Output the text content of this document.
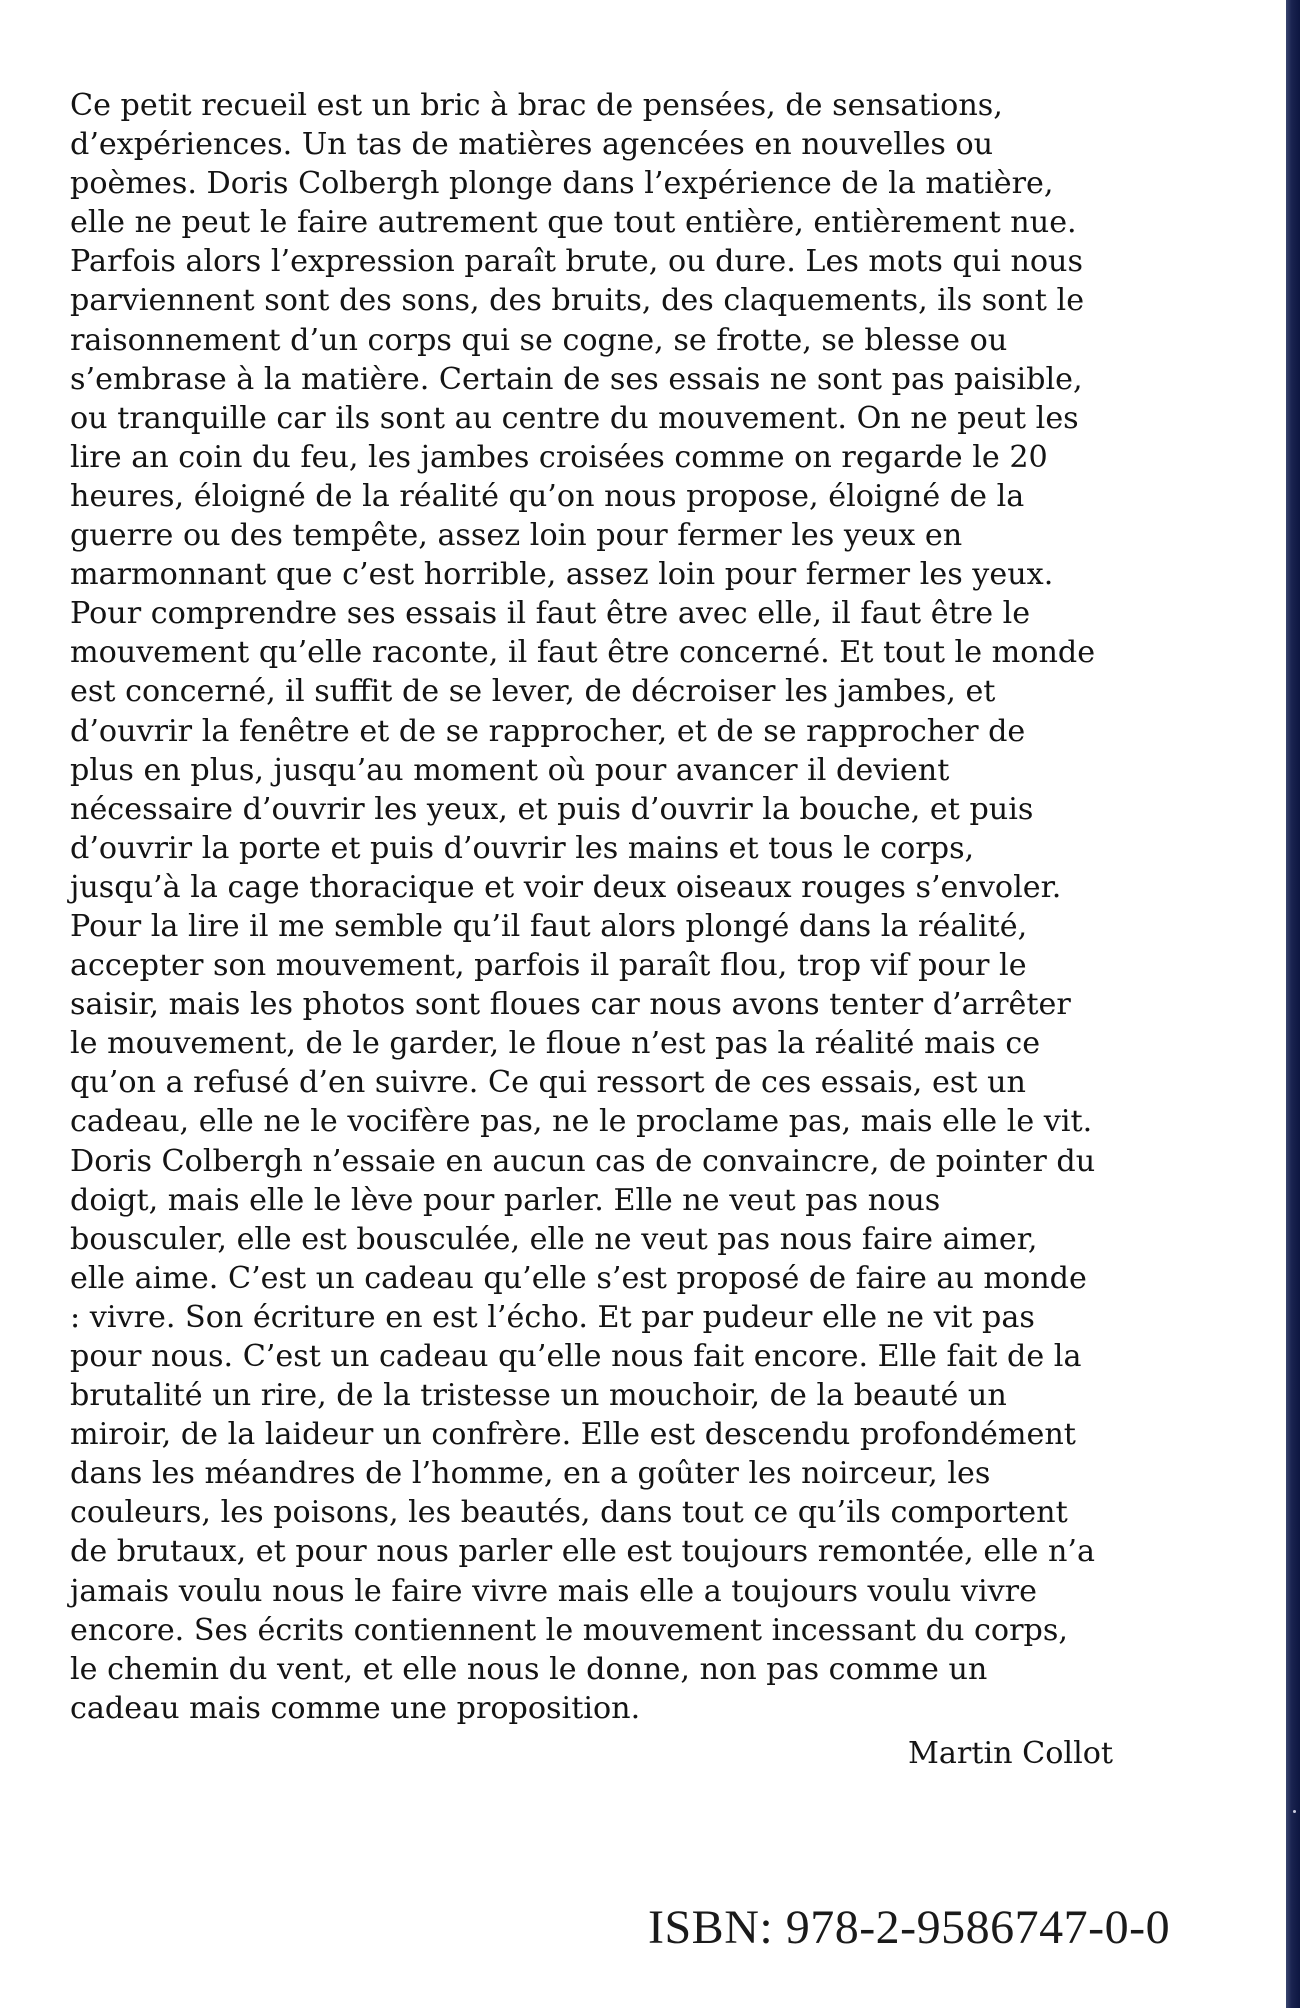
Ce petit recueil est un bric à brac de pensées, de sensations,
d’expériences. Un tas de matières agencées en nouvelles ou
poèmes. Doris Colbergh plonge dans l’expérience de la matière,
elle ne peut le faire autrement que tout entière, entièrement nue.
Parfois alors l’expression paraît brute, ou dure. Les mots qui nous
parviennent sont des sons, des bruits, des claquements, ils sont le
raisonnement d’un corps qui se cogne, se frotte, se blesse ou
s’embrase à la matière. Certain de ses essais ne sont pas paisible,
ou tranquille car ils sont au centre du mouvement. On ne peut les
lire an coin du feu, les jambes croisées comme on regarde le 20
heures, éloigné de la réalité qu’on nous propose, éloigné de la
guerre ou des tempête, assez loin pour fermer les yeux en
marmonnant que c’est horrible, assez loin pour fermer les yeux.
Pour comprendre ses essais il faut être avec elle, il faut être le
mouvement qu’elle raconte, il faut être concerné. Et tout le monde
est concerné, il suffit de se lever, de décroiser les jambes, et
d’ouvrir la fenêtre et de se rapprocher, et de se rapprocher de
plus en plus, jusqu’au moment où pour avancer il devient
nécessaire d’ouvrir les yeux, et puis d’ouvrir la bouche, et puis
d’ouvrir la porte et puis d’ouvrir les mains et tous le corps,
jusqu’à la cage thoracique et voir deux oiseaux rouges s’envoler.
Pour la lire il me semble qu’il faut alors plongé dans la réalité,
accepter son mouvement, parfois il paraît flou, trop vif pour le
saisir, mais les photos sont floues car nous avons tenter d’arrêter
le mouvement, de le garder, le floue n’est pas la réalité mais ce
qu’on a refusé d’en suivre. Ce qui ressort de ces essais, est un
cadeau, elle ne le vocifère pas, ne le proclame pas, mais elle le vit.
Doris Colbergh n’essaie en aucun cas de convaincre, de pointer du
doigt, mais elle le lève pour parler. Elle ne veut pas nous
bousculer, elle est bousculée, elle ne veut pas nous faire aimer,
elle aime. C’est un cadeau qu’elle s’est proposé de faire au monde
: vivre. Son écriture en est l’écho. Et par pudeur elle ne vit pas
pour nous. C’est un cadeau qu’elle nous fait encore. Elle fait de la
brutalité un rire, de la tristesse un mouchoir, de la beauté un
miroir, de la laideur un confrère. Elle est descendu profondément
dans les méandres de l’homme, en a goûter les noirceur, les
couleurs, les poisons, les beautés, dans tout ce qu’ils comportent
de brutaux, et pour nous parler elle est toujours remontée, elle n’a
jamais voulu nous le faire vivre mais elle a toujours voulu vivre
encore. Ses écrits contiennent le mouvement incessant du corps,
le chemin du vent, et elle nous le donne, non pas comme un
cadeau mais comme une proposition.

Martin Collot
ISBN: 978-2-9586747-0-0
